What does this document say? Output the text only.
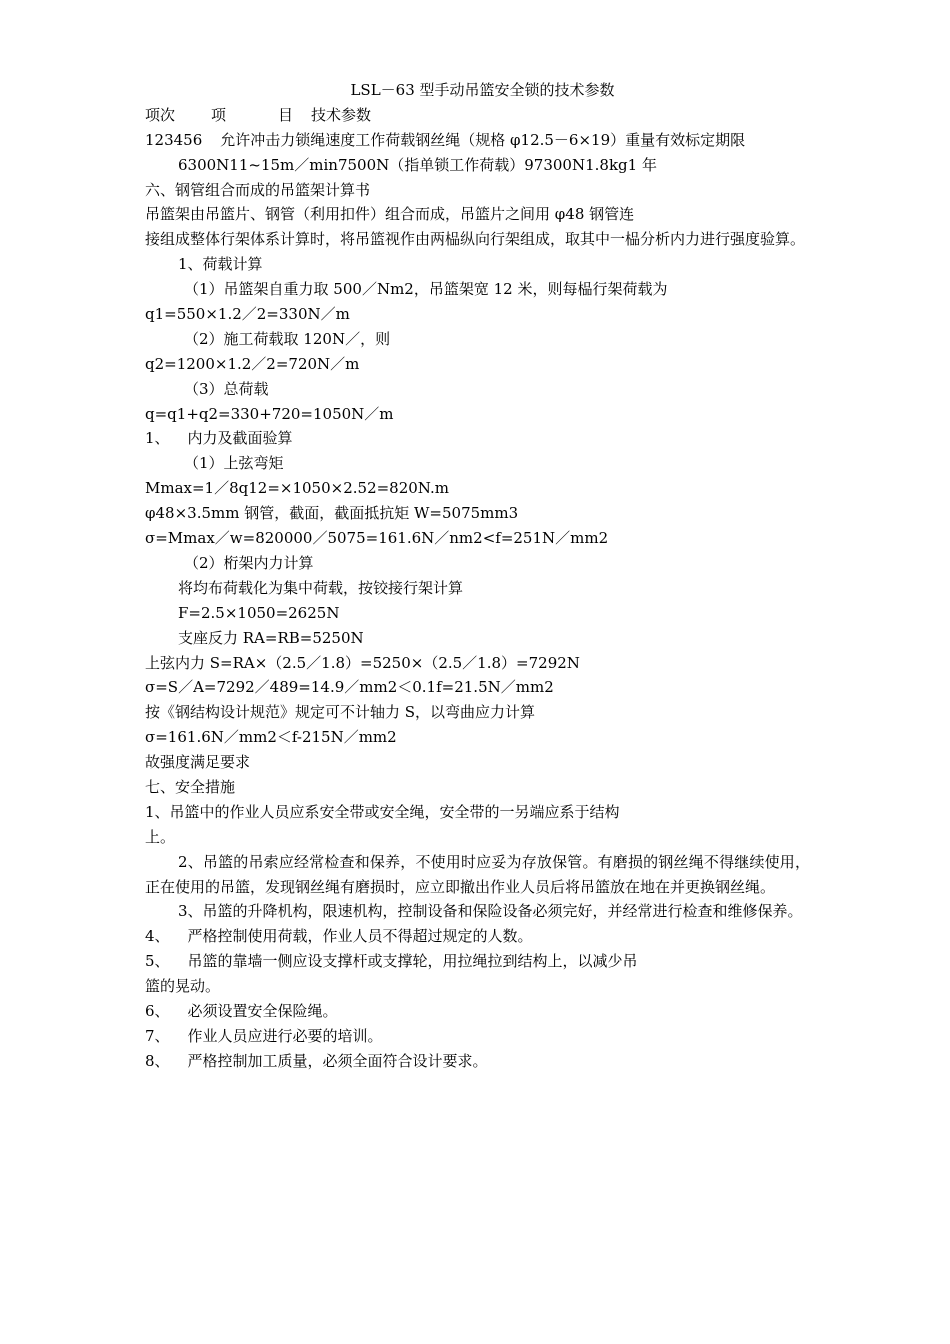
LSL－63 型手动吊篮安全锁的技术参数

项次 项	目 技术参数

123456 允许冲击力锁绳速度工作荷载钢丝绳（规格 φ12.5－6×19）重量有效标定期限

6300N11~15m／min7500N（指单锁工作荷载）97300N1.8kg1 年

六、钢管组合而成的吊篮架计算书

吊篮架由吊篮片、钢管（利用扣件）组合而成，吊篮片之间用 φ48 钢管连

接组成整体行架体系计算时，将吊篮视作由两榀纵向行架组成，取其中一榀分析内力进行强度验算。

1、荷载计算

（1）吊篮架自重力取 500／Nm2，吊篮架宽 12 米，则每榀行架荷载为

q1=550×1.2／2=330N／m

（2）施工荷载取 120N／，则

q2=1200×1.2／2=720N／m

（3）总荷载

q=q1+q2=330+720=1050N／m

1、 内力及截面验算

（1）上弦弯矩

Mmax=1／8q12=×1050×2.52=820N.m

φ48×3.5mm 钢管，截面，截面抵抗矩 W=5075mm3

σ=Mmax／w=820000／5075=161.6N／nm2<f=251N／mm2

（2）桁架内力计算

将均布荷载化为集中荷载，按铰接行架计算

F=2.5×1050=2625N

支座反力 RA=RB=5250N

上弦内力 S=RA×（2.5／1.8）=5250×（2.5／1.8）=7292N

σ=S／A=7292／489=14.9／mm2＜0.1f=21.5N／mm2

按《钢结构设计规范》规定可不计轴力 S，以弯曲应力计算

σ=161.6N／mm2＜f-215N／mm2

故强度满足要求

七、安全措施

1、吊篮中的作业人员应系安全带或安全绳，安全带的一另端应系于结构

上。

2、吊篮的吊索应经常检查和保养，不使用时应妥为存放保管。有磨损的钢丝绳不得继续使用，正在使用的吊篮，发现钢丝绳有磨损时，应立即撤出作业人员后将吊篮放在地在并更换钢丝绳。

3、吊篮的升降机构，限速机构，控制设备和保险设备必须完好，并经常进行检查和维修保养。

4、 严格控制使用荷载，作业人员不得超过规定的人数。

5、 吊篮的靠墙一侧应设支撑杆或支撑轮，用拉绳拉到结构上，以减少吊

篮的晃动。

6、 必须设置安全保险绳。

7、 作业人员应进行必要的培训。

8、 严格控制加工质量，必须全面符合设计要求。
